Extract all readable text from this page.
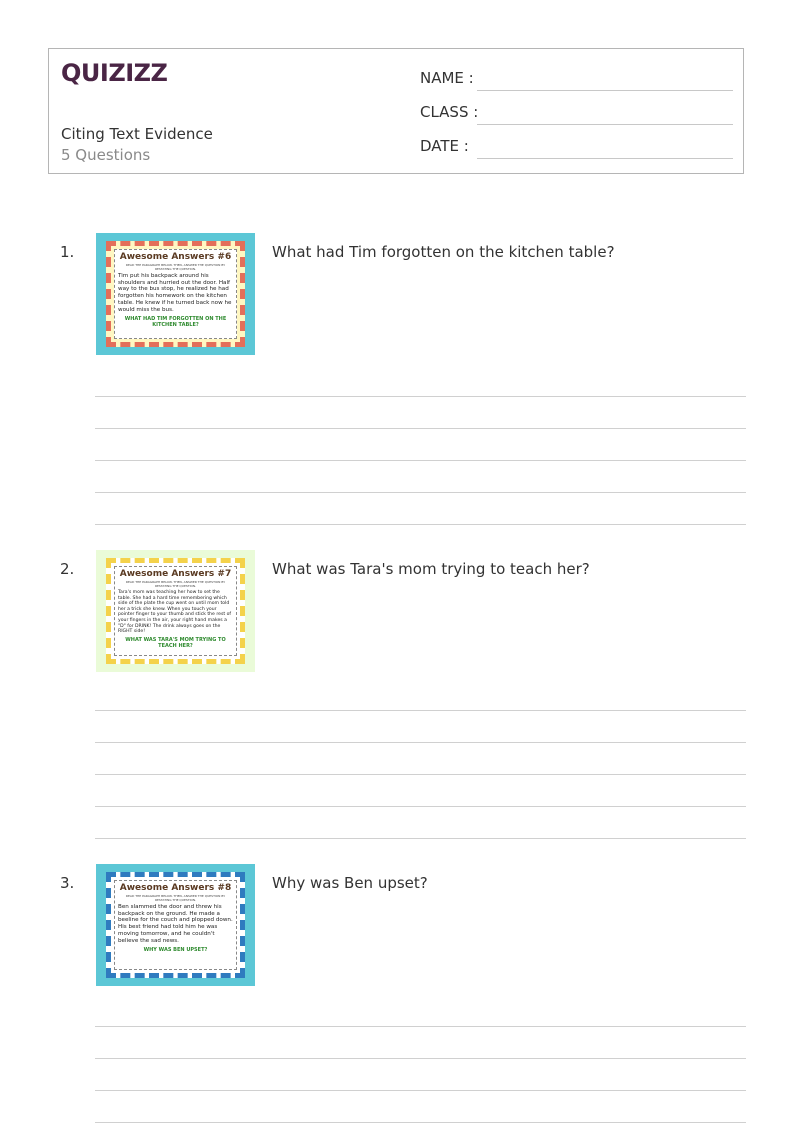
QUIZIZZ
Citing Text Evidence
5 Questions
NAME :
CLASS :
DATE :
1.	Awesome Answers #6
READ THE PARAGRAPH BELOW. THEN, ANSWER THE QUESTION BY RESTATING THE QUESTION.
Tim put his backpack around his shoulders and hurried out the door. Half way to the bus stop, he realized he had forgotten his homework on the kitchen table. He knew if he turned back now he would miss the bus.
WHAT HAD TIM FORGOTTEN ON THE KITCHEN TABLE?
What had Tim forgotten on the kitchen table?
2.	Awesome Answers #7
READ THE PARAGRAPH BELOW. THEN, ANSWER THE QUESTION BY RESTATING THE QUESTION.
Tara's mom was teaching her how to set the table. She had a hard time remembering which side of the plate the cup went on until mom told her a trick she knew. When you touch your pointer finger to your thumb and stick the rest of your fingers in the air, your right hand makes a "D" for DRINK! The drink always goes on the RIGHT side!
WHAT WAS TARA'S MOM TRYING TO TEACH HER?
What was Tara's mom trying to teach her?
3.	Awesome Answers #8
READ THE PARAGRAPH BELOW. THEN, ANSWER THE QUESTION BY RESTATING THE QUESTION.
Ben slammed the door and threw his backpack on the ground. He made a beeline for the couch and plopped down. His best friend had told him he was moving tomorrow, and he couldn't believe the sad news.
WHY WAS BEN UPSET?
Why was Ben upset?
